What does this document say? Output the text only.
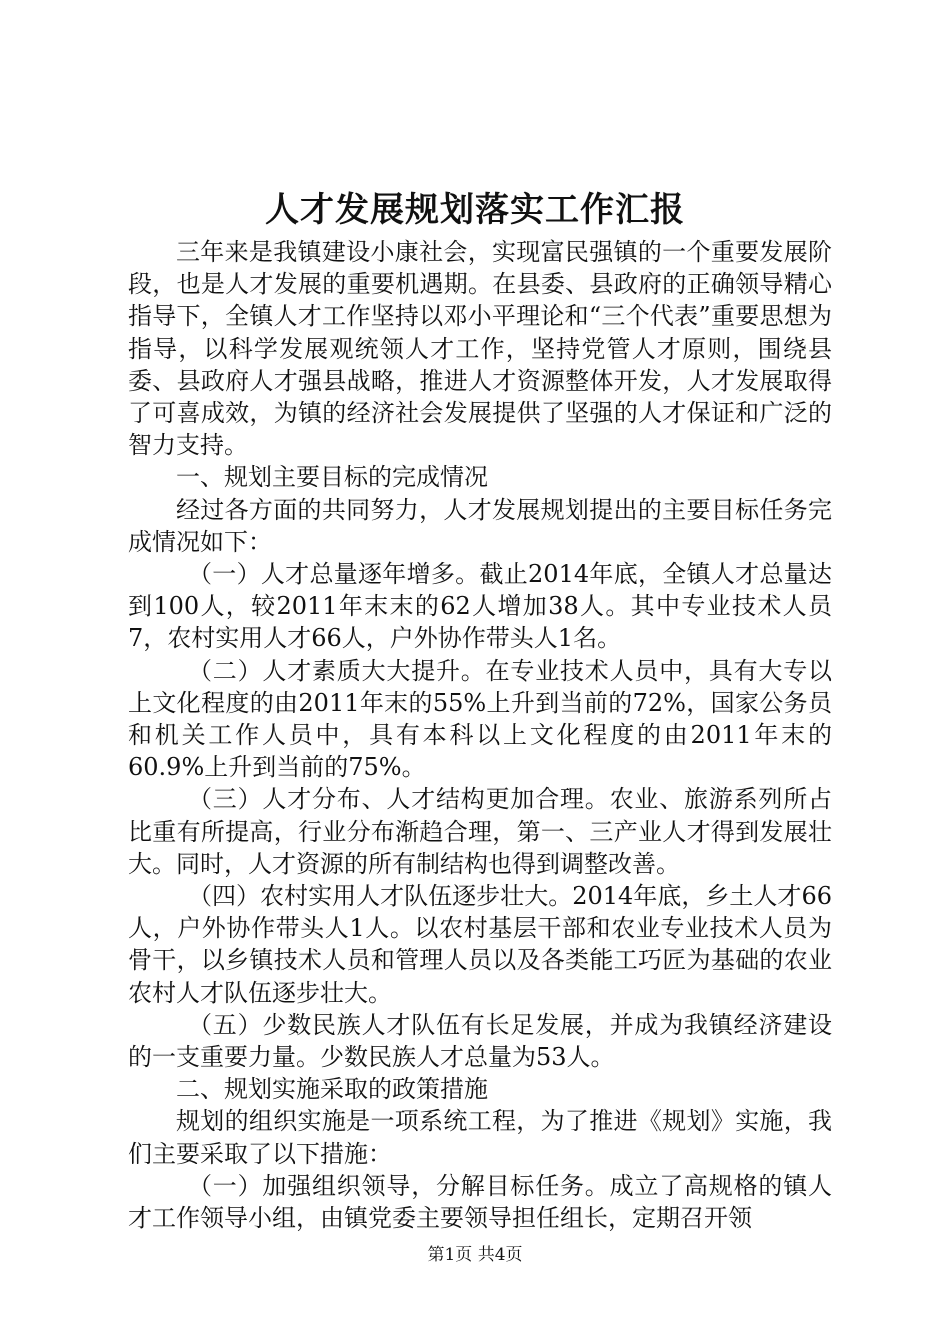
人才发展规划落实工作汇报

三年来是我镇建设小康社会，实现富民强镇的一个重要发展阶段，也是人才发展的重要机遇期。在县委、县政府的正确领导精心指导下，全镇人才工作坚持以邓小平理论和“三个代表”重要思想为指导，以科学发展观统领人才工作，坚持党管人才原则，围绕县委、县政府人才强县战略，推进人才资源整体开发，人才发展取得了可喜成效，为镇的经济社会发展提供了坚强的人才保证和广泛的智力支持。

一、规划主要目标的完成情况

经过各方面的共同努力，人才发展规划提出的主要目标任务完成情况如下：

（一）人才总量逐年增多。截止2014年底，全镇人才总量达到100人，较2011年末末的62人增加38人。其中专业技术人员7，农村实用人才66人，户外协作带头人1名。

（二）人才素质大大提升。在专业技术人员中，具有大专以上文化程度的由2011年末的55%上升到当前的72%，国家公务员和机关工作人员中，具有本科以上文化程度的由2011年末的60.9%上升到当前的75%。

（三）人才分布、人才结构更加合理。农业、旅游系列所占比重有所提高，行业分布渐趋合理，第一、三产业人才得到发展壮大。同时，人才资源的所有制结构也得到调整改善。

（四）农村实用人才队伍逐步壮大。2014年底，乡土人才66人，户外协作带头人1人。以农村基层干部和农业专业技术人员为骨干，以乡镇技术人员和管理人员以及各类能工巧匠为基础的农业农村人才队伍逐步壮大。

（五）少数民族人才队伍有长足发展，并成为我镇经济建设的一支重要力量。少数民族人才总量为53人。

二、规划实施采取的政策措施

规划的组织实施是一项系统工程，为了推进《规划》实施，我们主要采取了以下措施：

（一）加强组织领导，分解目标任务。成立了高规格的镇人才工作领导小组，由镇党委主要领导担任组长，定期召开领

第1页 共4页
